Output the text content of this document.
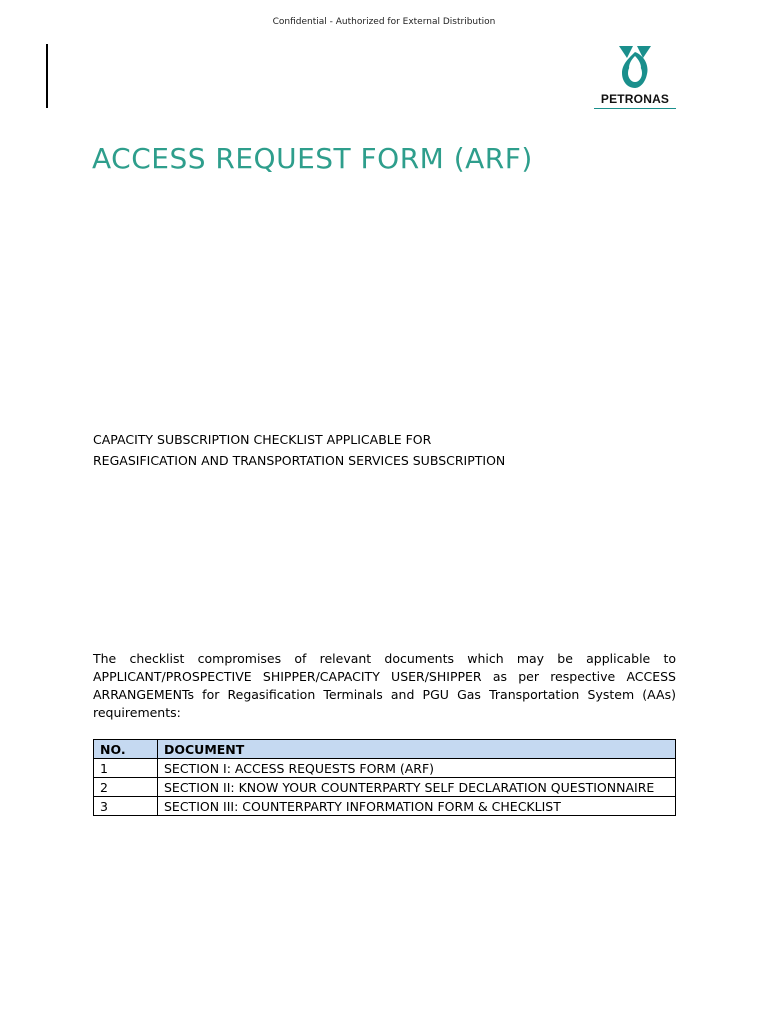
Confidential - Authorized for External Distribution
PETRONAS
ACCESS REQUEST FORM (ARF)
CAPACITY SUBSCRIPTION CHECKLIST APPLICABLE FOR
REGASIFICATION AND TRANSPORTATION SERVICES SUBSCRIPTION
The checklist compromises of relevant documents which may be applicable to APPLICANT/PROSPECTIVE SHIPPER/CAPACITY USER/SHIPPER as per respective ACCESS ARRANGEMENTs for Regasification Terminals and PGU Gas Transportation System (AAs) requirements:
NO.	DOCUMENT
1	SECTION I: ACCESS REQUESTS FORM (ARF)
2	SECTION II: KNOW YOUR COUNTERPARTY SELF DECLARATION QUESTIONNAIRE
3	SECTION III: COUNTERPARTY INFORMATION FORM & CHECKLIST
